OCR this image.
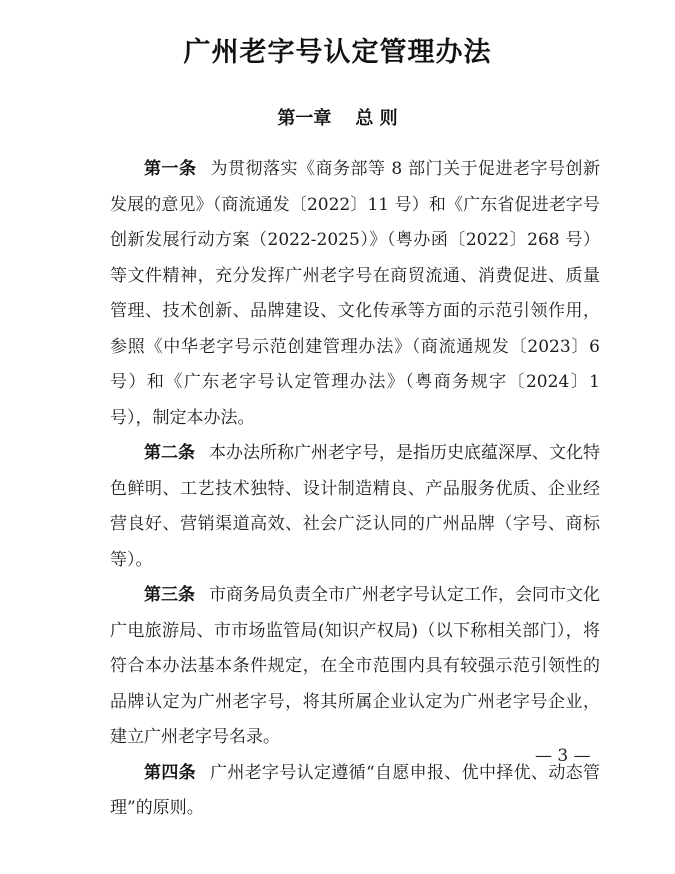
广州老字号认定管理办法
第一章 总 则

第一条 为贯彻落实《商务部等 8 部门关于促进老字号创新发展的意见》（商流通发〔2022〕11 号）和《广东省促进老字号创新发展行动方案（2022-2025）》（粤办函〔2022〕268 号）等文件精神，充分发挥广州老字号在商贸流通、消费促进、质量管理、技术创新、品牌建设、文化传承等方面的示范引领作用，参照《中华老字号示范创建管理办法》（商流通规发〔2023〕6 号）和《广东老字号认定管理办法》（粤商务规字〔2024〕1 号），制定本办法。

第二条 本办法所称广州老字号，是指历史底蕴深厚、文化特色鲜明、工艺技术独特、设计制造精良、产品服务优质、企业经营良好、营销渠道高效、社会广泛认同的广州品牌（字号、商标等）。

第三条 市商务局负责全市广州老字号认定工作，会同市文化广电旅游局、市市场监管局(知识产权局)（以下称相关部门），将符合本办法基本条件规定，在全市范围内具有较强示范引领性的品牌认定为广州老字号，将其所属企业认定为广州老字号企业，建立广州老字号名录。

第四条 广州老字号认定遵循“自愿申报、优中择优、动态管理”的原则。

— 3 —
